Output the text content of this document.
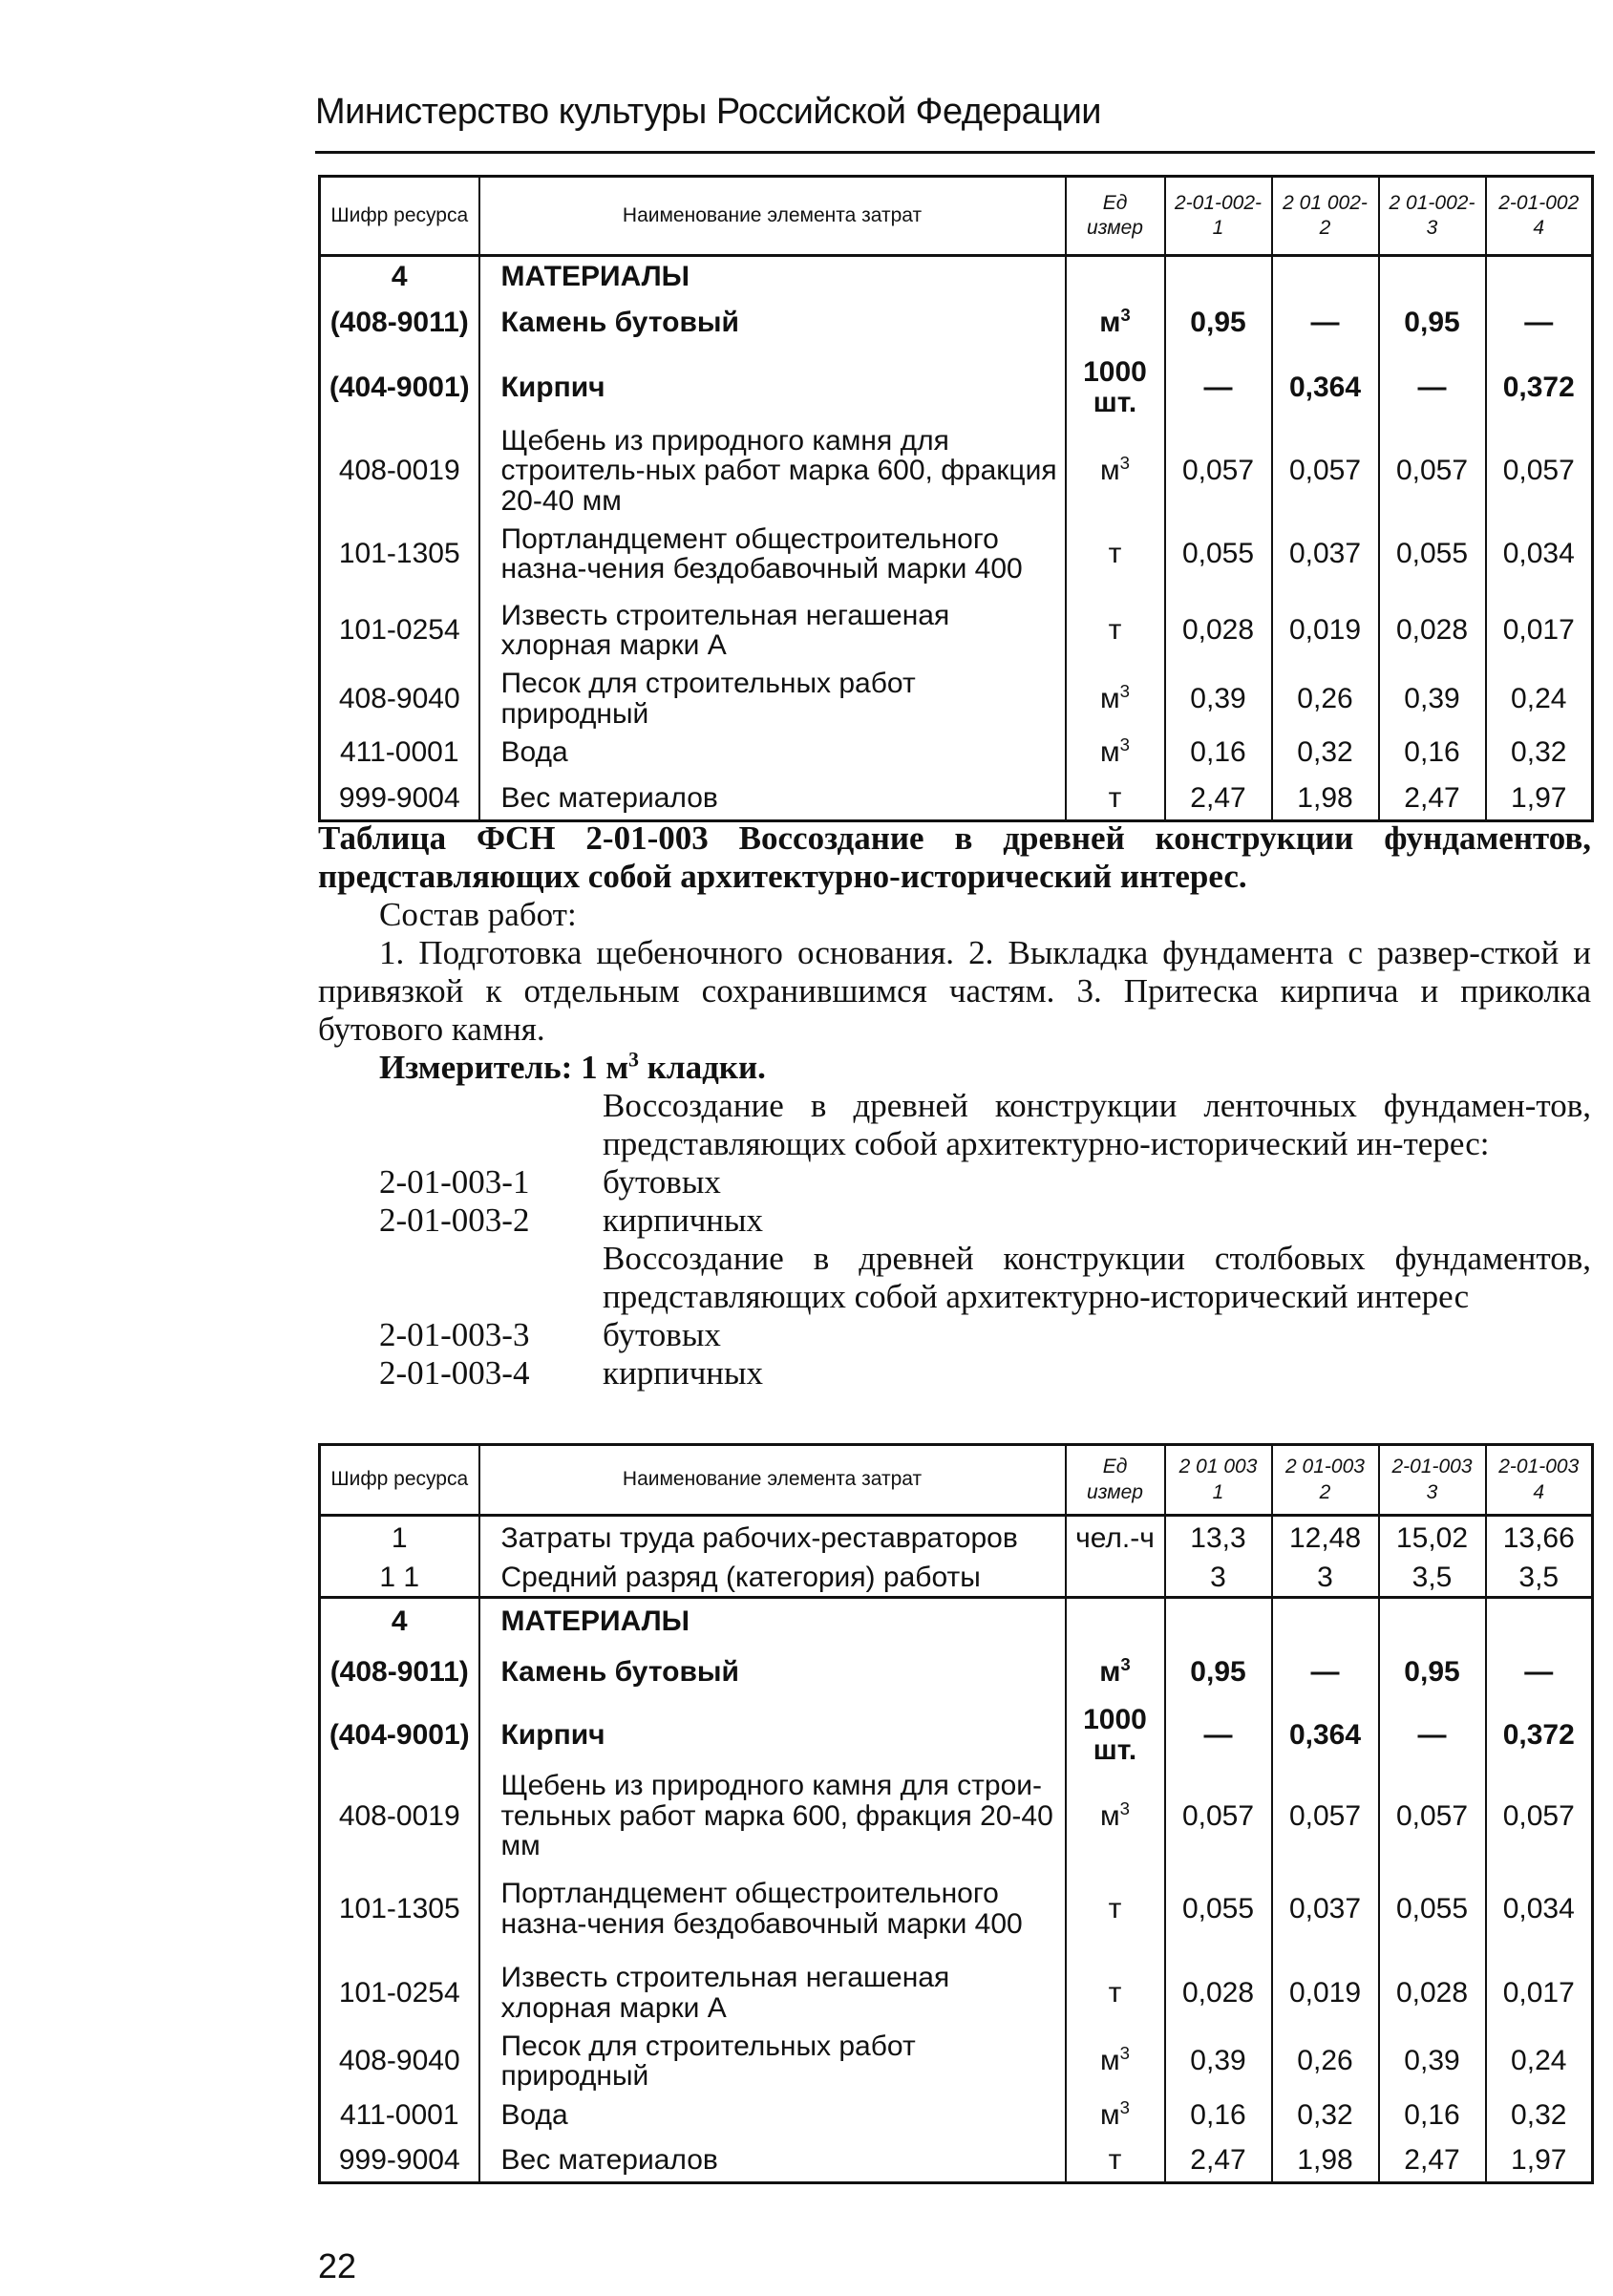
Министерство культуры Российской Федерации
Шифр ресурса	Наименование элемента затрат	Ед измер	2-01-002-1	2 01 002-2	2 01-002-3	2-01-002 4
4	МАТЕРИАЛЫ					
(408-9011)	Камень бутовый	$м^3$	0,95	—	0,95	—
(404-9001)	Кирпич	1000 шт.	—	0,364	—	0,372
408-0019	Щебень из природного камня для строитель-ных работ марка 600, фракция 20-40 мм	$м^3$	0,057	0,057	0,057	0,057
101-1305	Портландцемент общестроительного назна-чения бездобавочный марки 400	т	0,055	0,037	0,055	0,034
101-0254	Известь строительная негашеная хлорная марки А	т	0,028	0,019	0,028	0,017
408-9040	Песок для строительных работ природный	$м^3$	0,39	0,26	0,39	0,24
411-0001	Вода	$м^3$	0,16	0,32	0,16	0,32
999-9004	Вес материалов	т	2,47	1,98	2,47	1,97
Таблица ФСН 2-01-003 Воссоздание в древней конструкции фундаментов,
представляющих собой архитектурно-исторический интерес.
Состав работ:
1. Подготовка щебеночного основания. 2. Выкладка фундамента с развер-сткой и привязкой к отдельным сохранившимся частям. 3. Притеска кирпича и приколка бутового камня.
Измеритель: 1 $м^3$ кладки.
Воссоздание в древней конструкции ленточных фундамен-тов, представляющих собой архитектурно-исторический ин-терес:
2-01-003-1	бутовых
2-01-003-2	кирпичных
Воссоздание в древней конструкции столбовых фундаментов, представляющих собой архитектурно-исторический интерес
2-01-003-3	бутовых
2-01-003-4	кирпичных
Шифр ресурса	Наименование элемента затрат	Ед измер	2 01 003 1	2 01-003 2	2-01-003 3	2-01-003 4
1	Затраты труда рабочих-реставраторов	чел.-ч	13,3	12,48	15,02	13,66
1 1	Средний разряд (категория) работы		3	3	3,5	3,5
4	МАТЕРИАЛЫ					
(408-9011)	Камень бутовый	$м^3$	0,95	—	0,95	—
(404-9001)	Кирпич	1000 шт.	—	0,364	—	0,372
408-0019	Щебень из природного камня для строи-тельных работ марка 600, фракция 20-40 мм	$м^3$	0,057	0,057	0,057	0,057
101-1305	Портландцемент общестроительного назна-чения бездобавочный марки 400	т	0,055	0,037	0,055	0,034
101-0254	Известь строительная негашеная хлорная марки А	т	0,028	0,019	0,028	0,017
408-9040	Песок для строительных работ природный	$м^3$	0,39	0,26	0,39	0,24
411-0001	Вода	$м^3$	0,16	0,32	0,16	0,32
999-9004	Вес материалов	т	2,47	1,98	2,47	1,97
22
